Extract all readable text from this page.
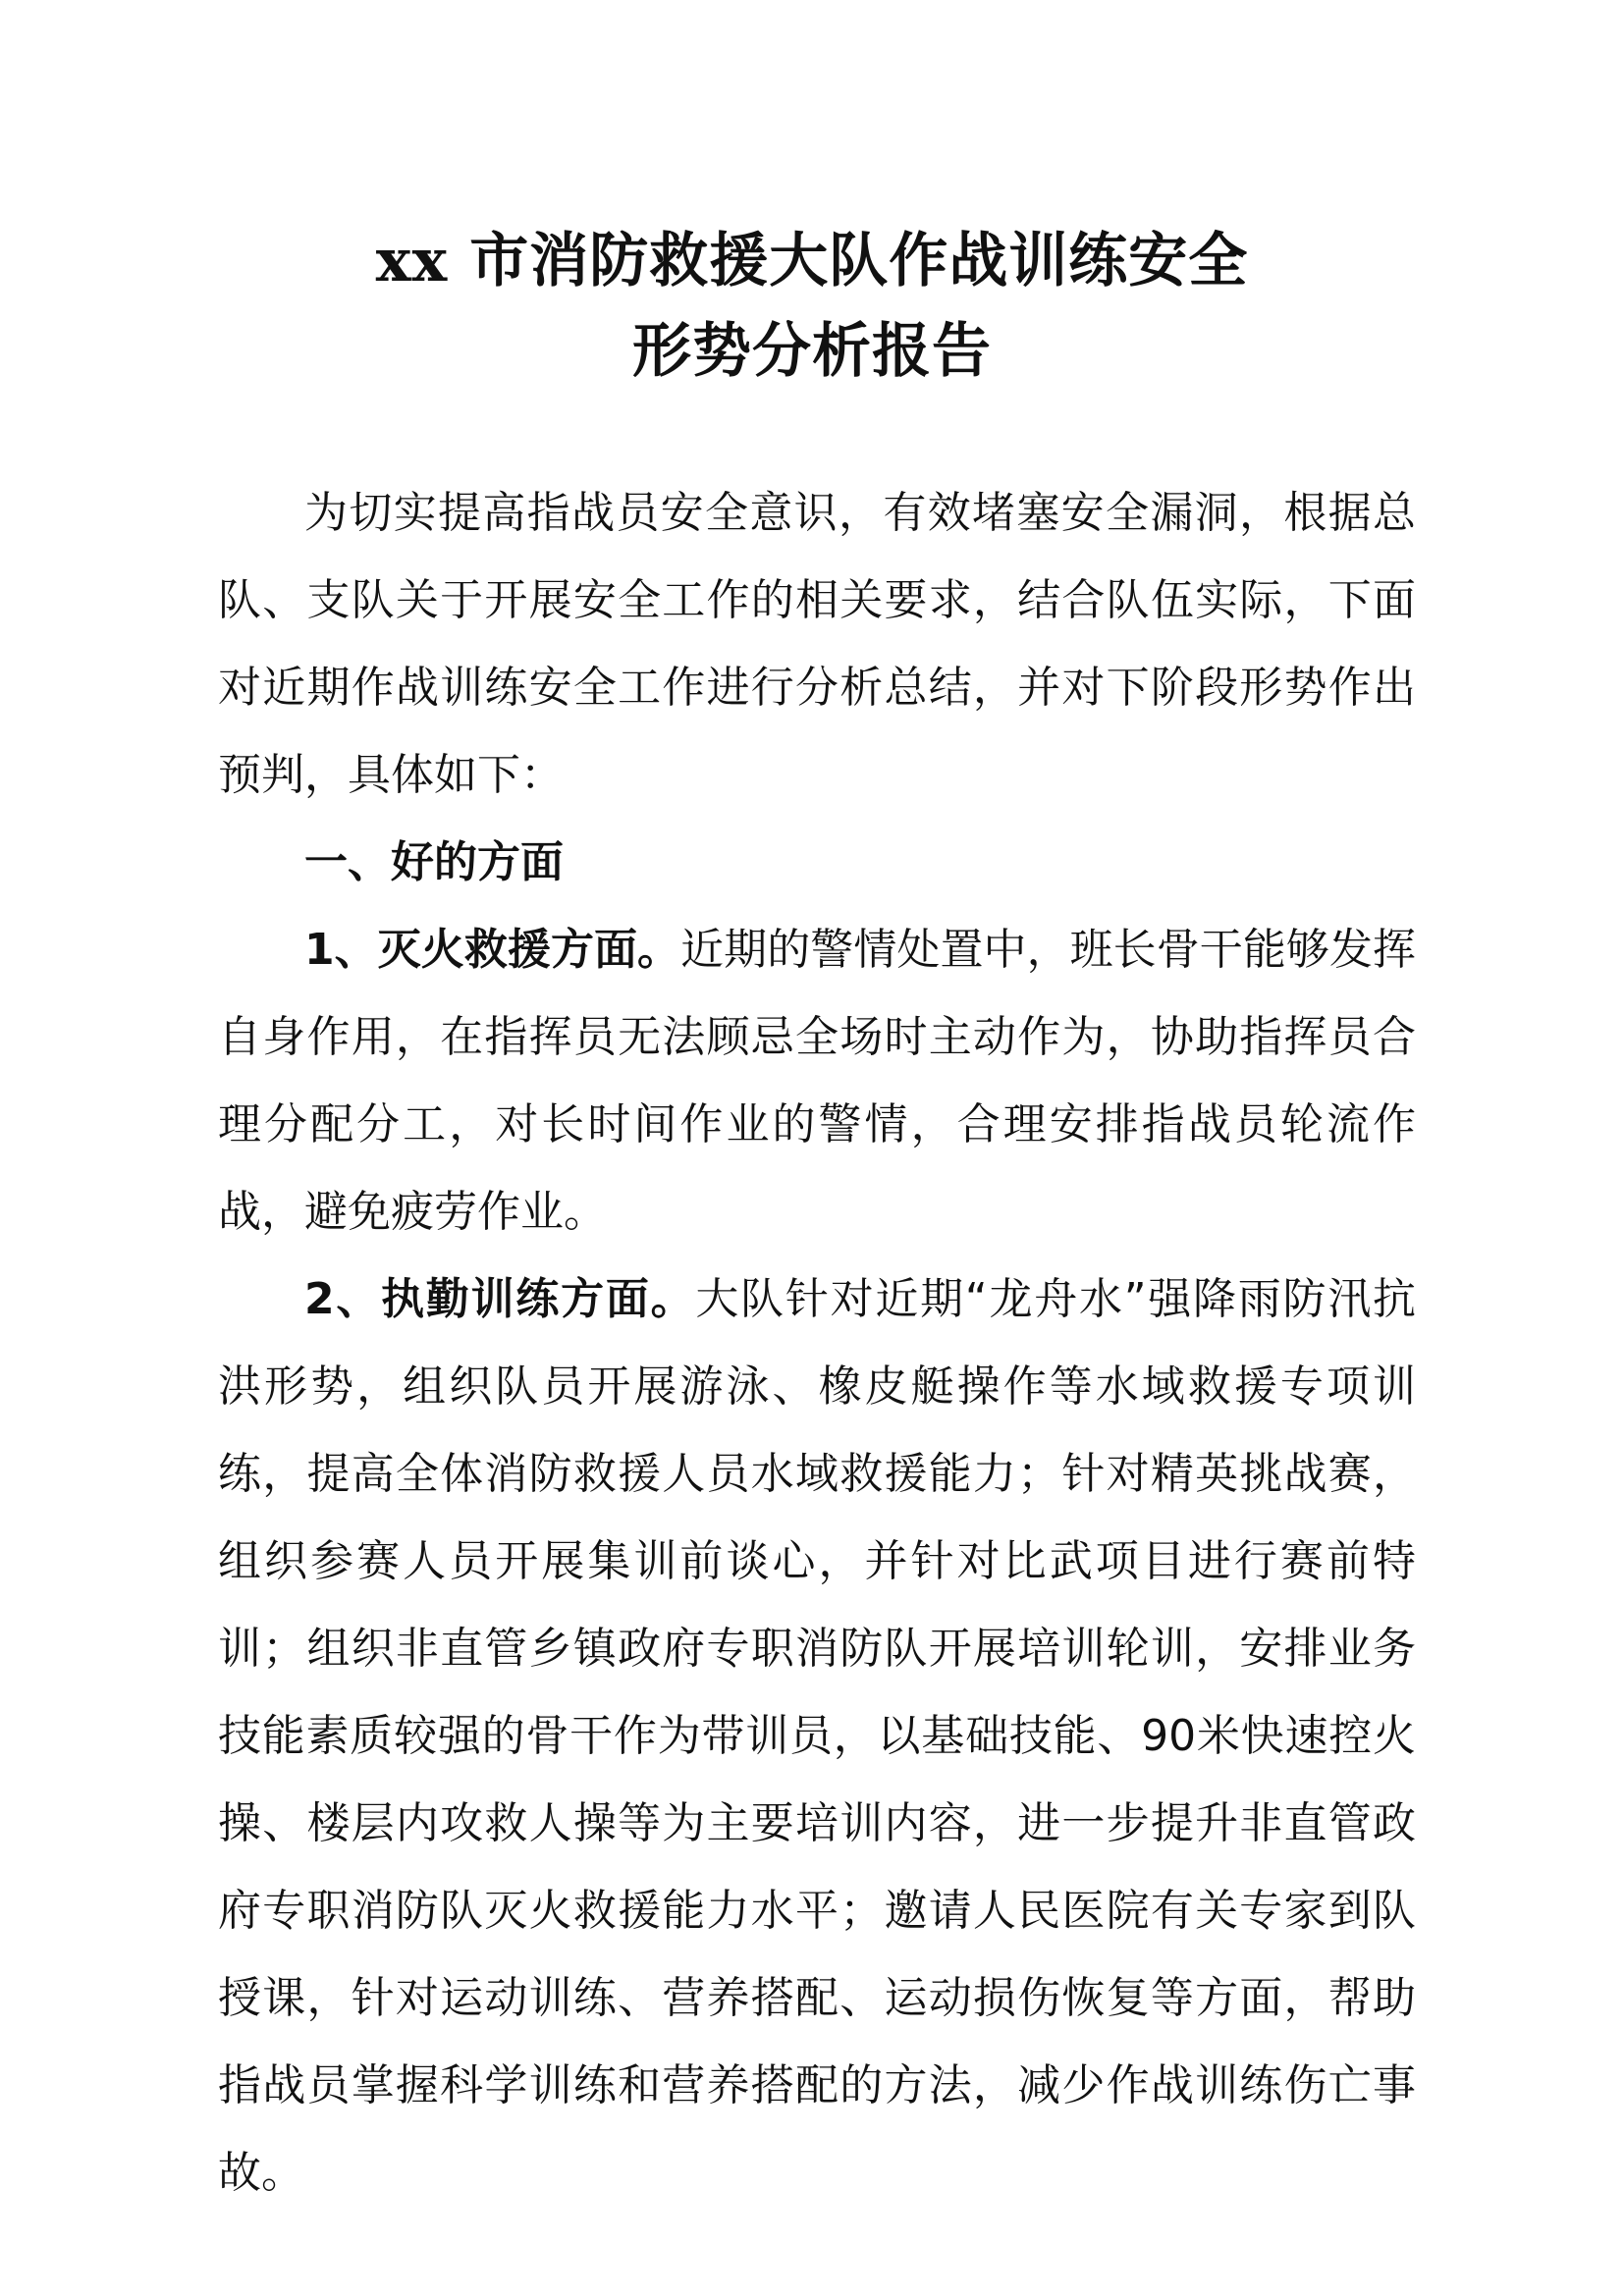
xx 市消防救援大队作战训练安全
形势分析报告

为切实提高指战员安全意识，有效堵塞安全漏洞，根据总队、支队关于开展安全工作的相关要求，结合队伍实际，下面对近期作战训练安全工作进行分析总结，并对下阶段形势作出预判，具体如下：

一、好的方面

1、灭火救援方面。近期的警情处置中，班长骨干能够发挥自身作用，在指挥员无法顾忌全场时主动作为，协助指挥员合理分配分工，对长时间作业的警情，合理安排指战员轮流作战，避免疲劳作业。

2、执勤训练方面。大队针对近期“龙舟水”强降雨防汛抗洪形势，组织队员开展游泳、橡皮艇操作等水域救援专项训练，提高全体消防救援人员水域救援能力；针对精英挑战赛，组织参赛人员开展集训前谈心，并针对比武项目进行赛前特训；组织非直管乡镇政府专职消防队开展培训轮训，安排业务技能素质较强的骨干作为带训员，以基础技能、90米快速控火操、楼层内攻救人操等为主要培训内容，进一步提升非直管政府专职消防队灭火救援能力水平；邀请人民医院有关专家到队授课，针对运动训练、营养搭配、运动损伤恢复等方面，帮助指战员掌握科学训练和营养搭配的方法，减少作战训练伤亡事故。
